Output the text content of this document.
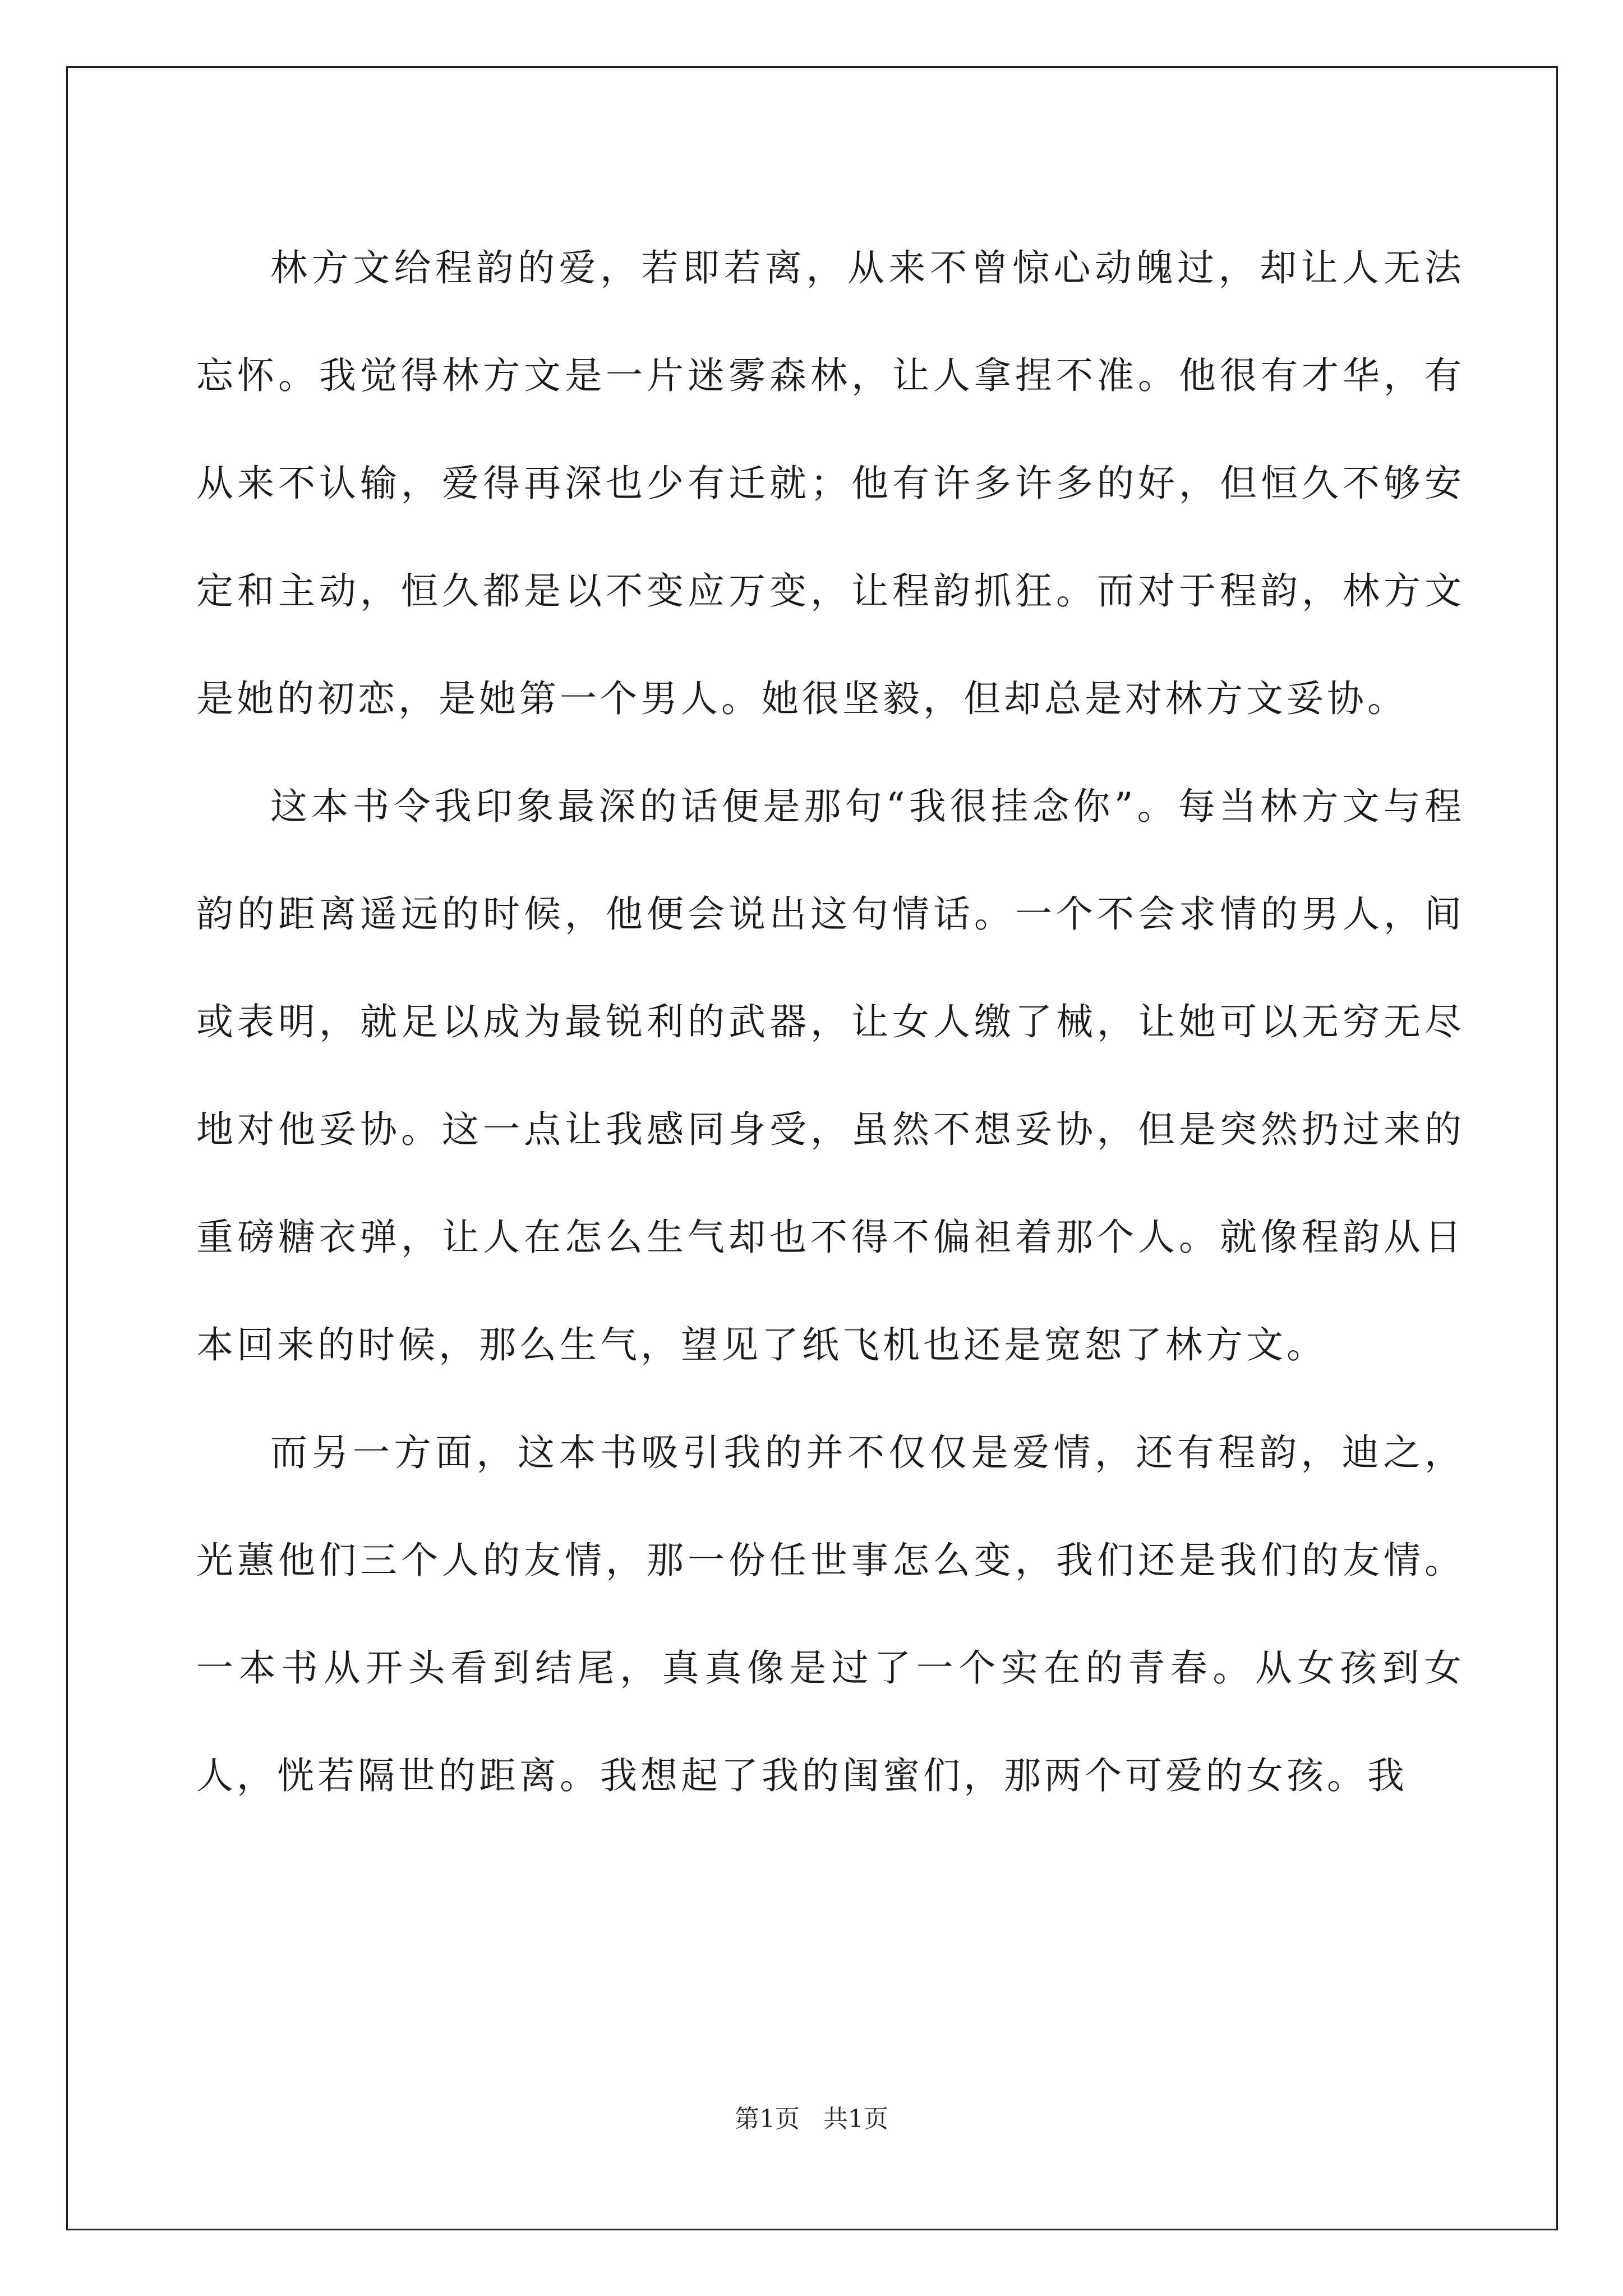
林方文给程韵的爱，若即若离，从来不曾惊心动魄过，却让人无法忘怀。我觉得林方文是一片迷雾森林，让人拿捏不准。他很有才华，有从来不认输，爱得再深也少有迁就；他有许多许多的好，但恒久不够安定和主动，恒久都是以不变应万变，让程韵抓狂。而对于程韵，林方文是她的初恋，是她第一个男人。她很坚毅，但却总是对林方文妥协。

这本书令我印象最深的话便是那句“我很挂念你”。每当林方文与程韵的距离遥远的时候，他便会说出这句情话。一个不会求情的男人，间或表明，就足以成为最锐利的武器，让女人缴了械，让她可以无穷无尽地对他妥协。这一点让我感同身受，虽然不想妥协，但是突然扔过来的重磅糖衣弹，让人在怎么生气却也不得不偏袒着那个人。就像程韵从日本回来的时候，那么生气，望见了纸飞机也还是宽恕了林方文。

而另一方面，这本书吸引我的并不仅仅是爱情，还有程韵，迪之，光蕙他们三个人的友情，那一份任世事怎么变，我们还是我们的友情。一本书从开头看到结尾，真真像是过了一个实在的青春。从女孩到女人，恍若隔世的距离。我想起了我的闺蜜们，那两个可爱的女孩。我

第1页 共1页
